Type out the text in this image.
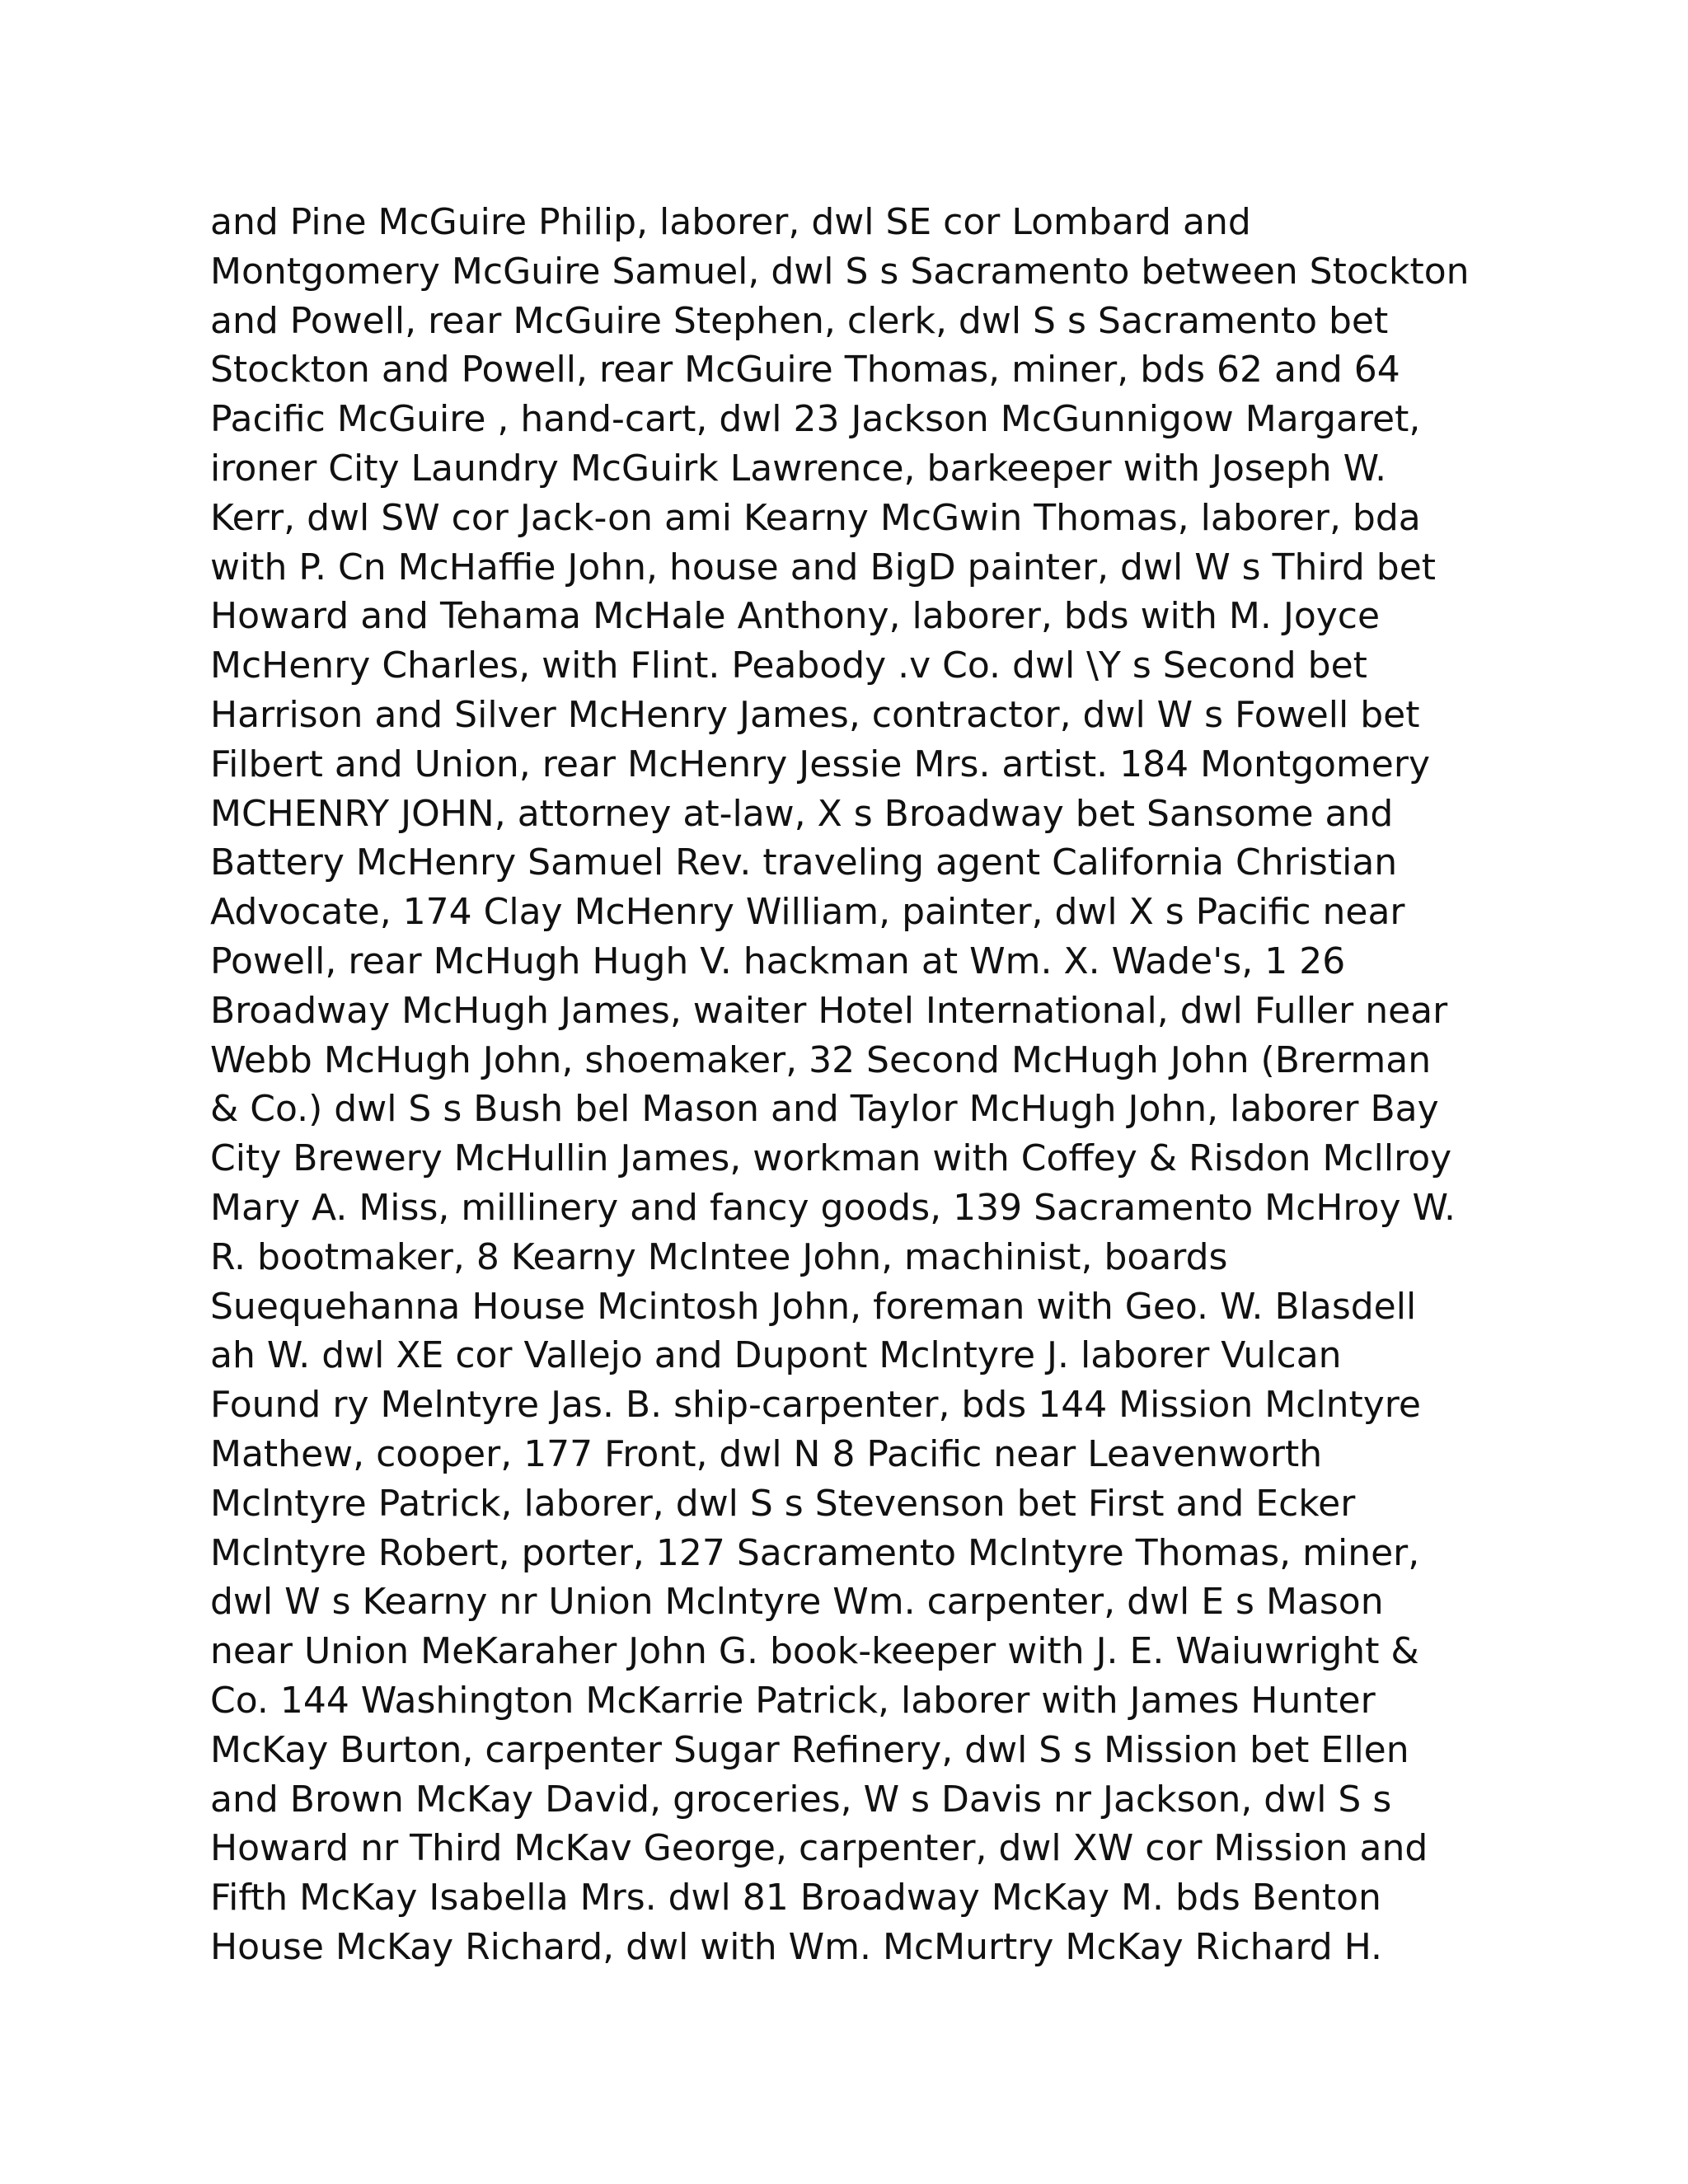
and Pine McGuire Philip, laborer, dwl SE cor Lombard and
Montgomery McGuire Samuel, dwl S s Sacramento between Stockton
and Powell, rear McGuire Stephen, clerk, dwl S s Sacramento bet
Stockton and Powell, rear McGuire Thomas, miner, bds 62 and 64
Pacific McGuire , hand-cart, dwl 23 Jackson McGunnigow Margaret,
ironer City Laundry McGuirk Lawrence, barkeeper with Joseph W.
Kerr, dwl SW cor Jack-on ami Kearny McGwin Thomas, laborer, bda
with P. Cn McHaffie John, house and BigD painter, dwl W s Third bet
Howard and Tehama McHale Anthony, laborer, bds with M. Joyce
McHenry Charles, with Flint. Peabody .v Co. dwl \Y s Second bet
Harrison and Silver McHenry James, contractor, dwl W s Fowell bet
Filbert and Union, rear McHenry Jessie Mrs. artist. 184 Montgomery
MCHENRY JOHN, attorney at-law, X s Broadway bet Sansome and
Battery McHenry Samuel Rev. traveling agent California Christian
Advocate, 174 Clay McHenry William, painter, dwl X s Pacific near
Powell, rear McHugh Hugh V. hackman at Wm. X. Wade's, 1 26
Broadway McHugh James, waiter Hotel International, dwl Fuller near
Webb McHugh John, shoemaker, 32 Second McHugh John (Brerman
& Co.) dwl S s Bush bel Mason and Taylor McHugh John, laborer Bay
City Brewery McHullin James, workman with Coffey & Risdon Mcllroy
Mary A. Miss, millinery and fancy goods, 139 Sacramento McHroy W.
R. bootmaker, 8 Kearny Mclntee John, machinist, boards
Suequehanna House Mcintosh John, foreman with Geo. W. Blasdell
ah W. dwl XE cor Vallejo and Dupont Mclntyre J. laborer Vulcan
Found ry Melntyre Jas. B. ship-carpenter, bds 144 Mission Mclntyre
Mathew, cooper, 177 Front, dwl N 8 Pacific near Leavenworth
Mclntyre Patrick, laborer, dwl S s Stevenson bet First and Ecker
Mclntyre Robert, porter, 127 Sacramento Mclntyre Thomas, miner,
dwl W s Kearny nr Union Mclntyre Wm. carpenter, dwl E s Mason
near Union MeKaraher John G. book-keeper with J. E. Waiuwright &
Co. 144 Washington McKarrie Patrick, laborer with James Hunter
McKay Burton, carpenter Sugar Refinery, dwl S s Mission bet Ellen
and Brown McKay David, groceries, W s Davis nr Jackson, dwl S s
Howard nr Third McKav George, carpenter, dwl XW cor Mission and
Fifth McKay Isabella Mrs. dwl 81 Broadway McKay M. bds Benton
House McKay Richard, dwl with Wm. McMurtry McKay Richard H.
